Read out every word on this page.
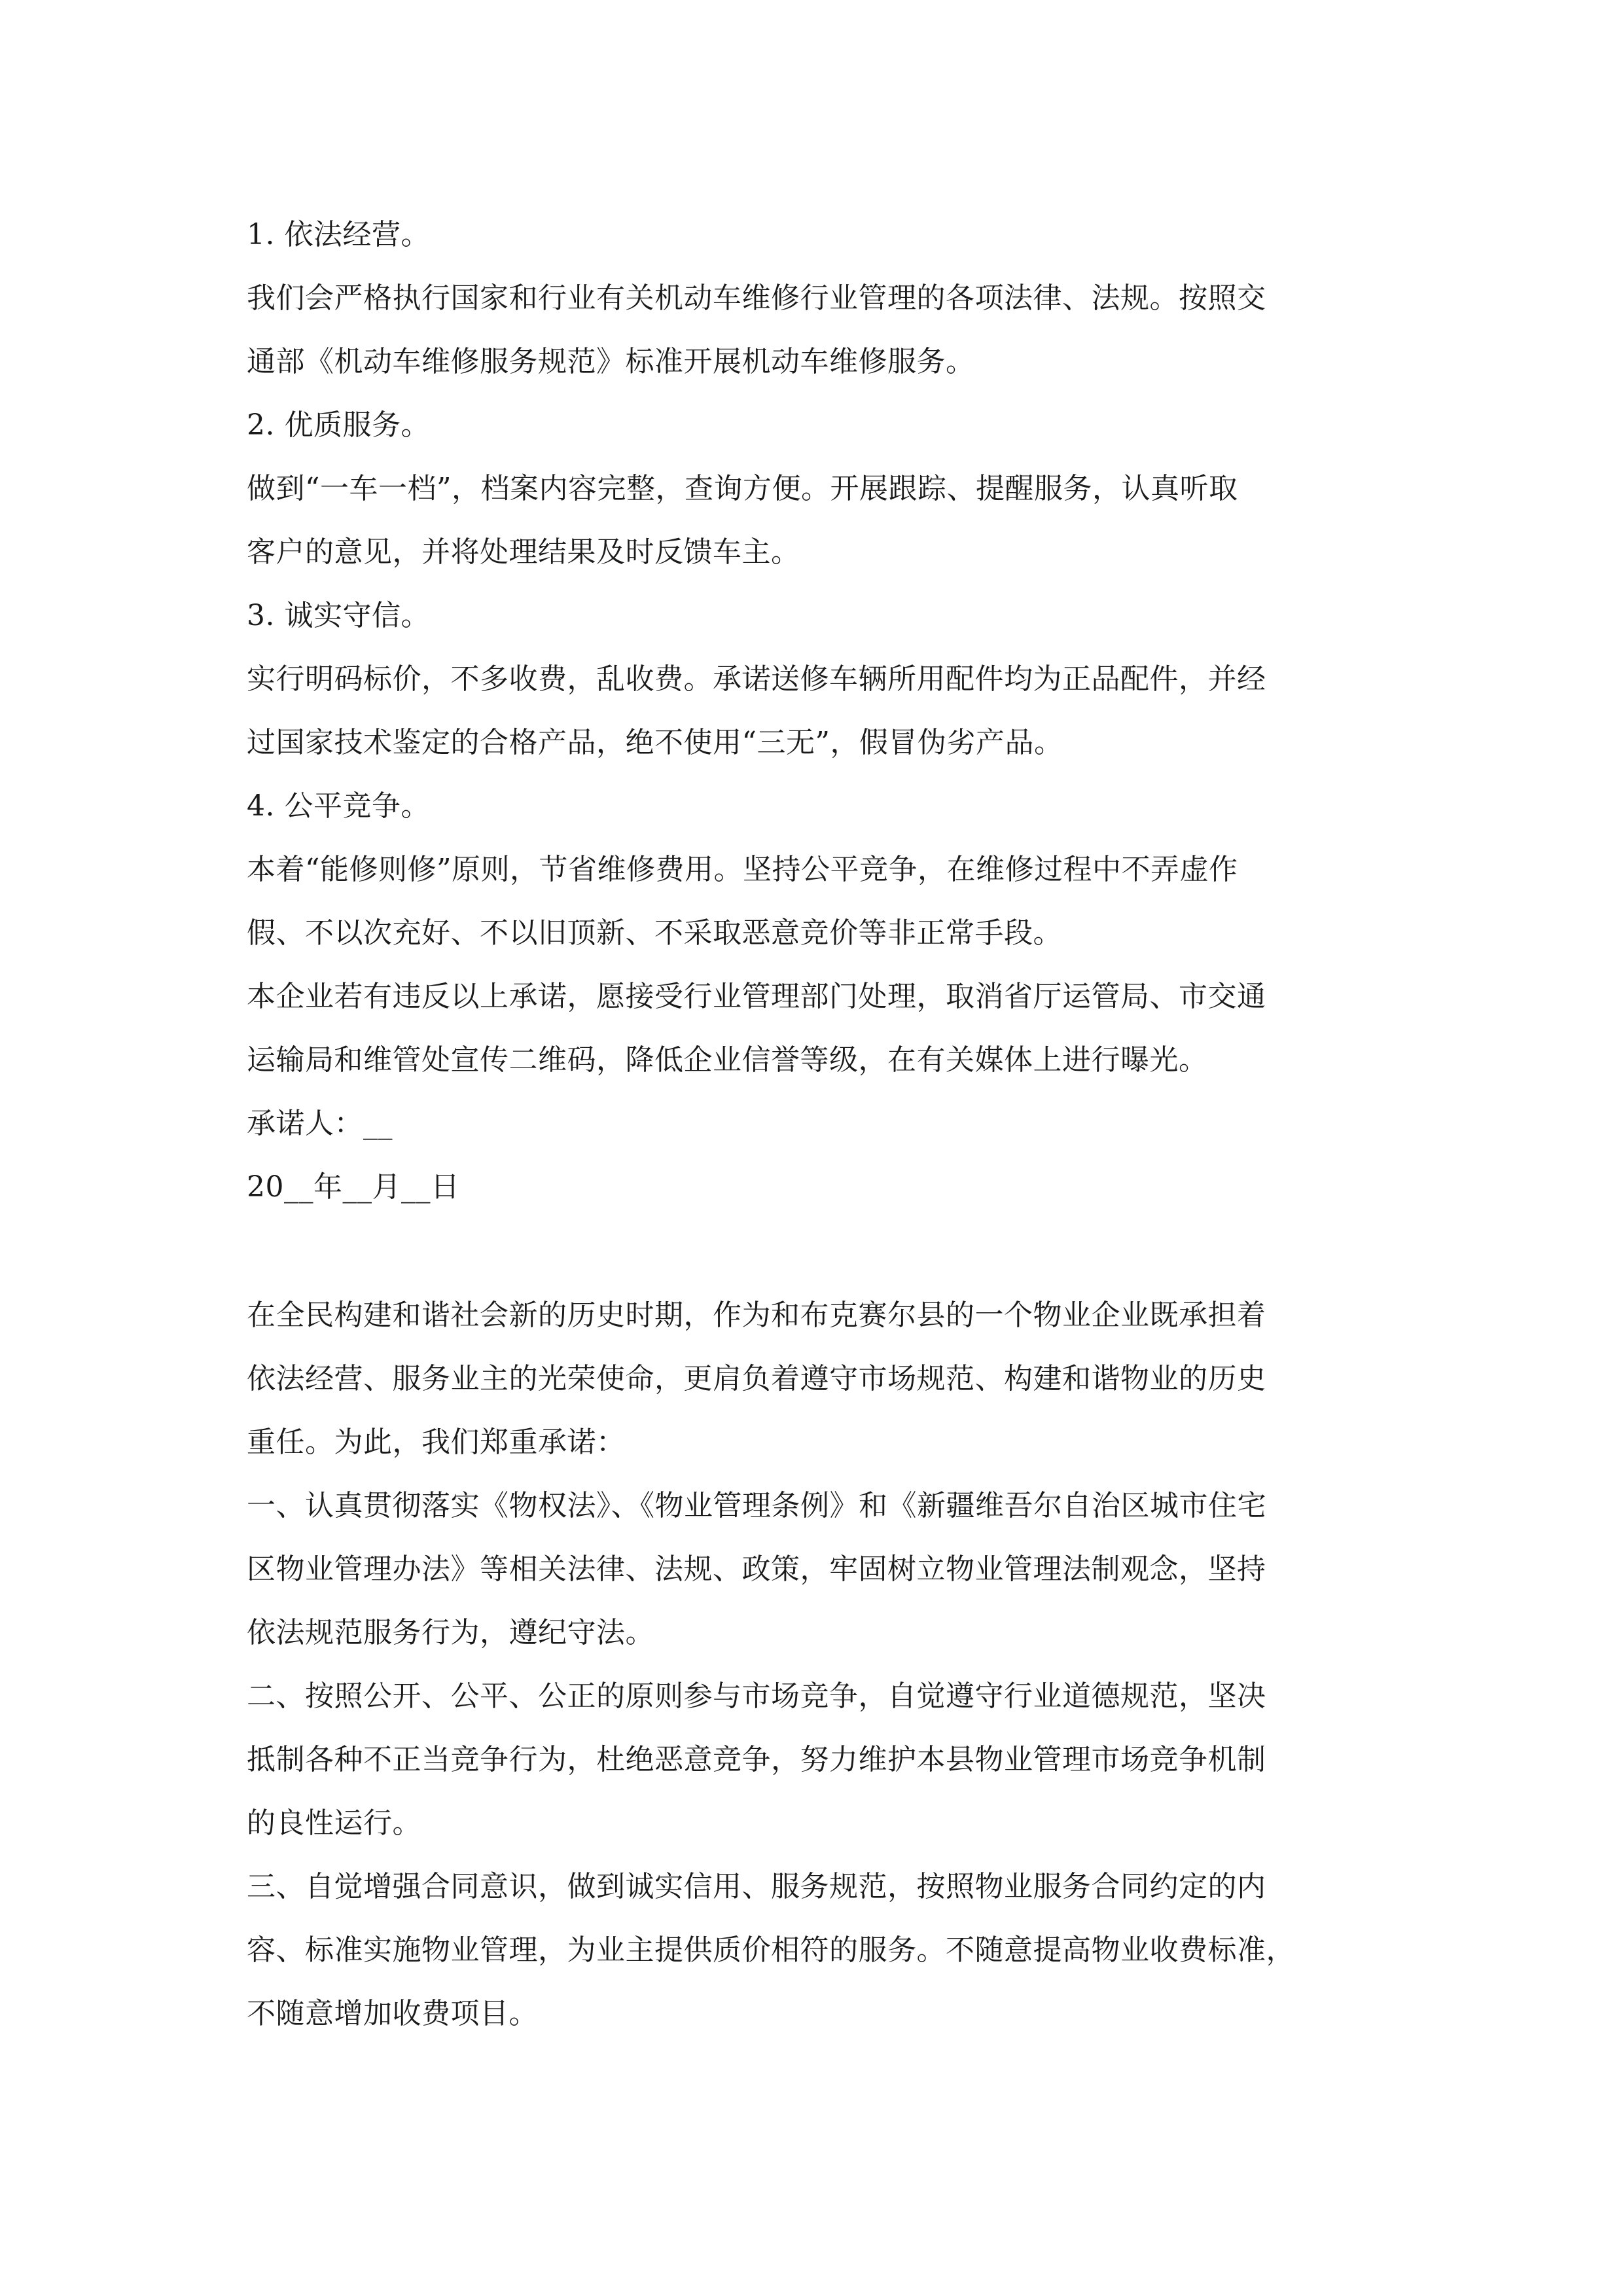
1. 依法经营。
我们会严格执行国家和行业有关机动车维修行业管理的各项法律、法规。按照交
通部《机动车维修服务规范》标准开展机动车维修服务。
2. 优质服务。
做到“一车一档”，档案内容完整，查询方便。开展跟踪、提醒服务，认真听取
客户的意见，并将处理结果及时反馈车主。
3. 诚实守信。
实行明码标价，不多收费，乱收费。承诺送修车辆所用配件均为正品配件，并经
过国家技术鉴定的合格产品，绝不使用“三无”，假冒伪劣产品。
4. 公平竞争。
本着“能修则修”原则，节省维修费用。坚持公平竞争，在维修过程中不弄虚作
假、不以次充好、不以旧顶新、不采取恶意竞价等非正常手段。
本企业若有违反以上承诺，愿接受行业管理部门处理，取消省厅运管局、市交通
运输局和维管处宣传二维码，降低企业信誉等级，在有关媒体上进行曝光。
承诺人：__
20__年__月__日
在全民构建和谐社会新的历史时期，作为和布克赛尔县的一个物业企业既承担着
依法经营、服务业主的光荣使命，更肩负着遵守市场规范、构建和谐物业的历史
重任。为此，我们郑重承诺：
一、认真贯彻落实《物权法》、《物业管理条例》和《新疆维吾尔自治区城市住宅
区物业管理办法》等相关法律、法规、政策，牢固树立物业管理法制观念，坚持
依法规范服务行为，遵纪守法。
二、按照公开、公平、公正的原则参与市场竞争，自觉遵守行业道德规范，坚决
抵制各种不正当竞争行为，杜绝恶意竞争，努力维护本县物业管理市场竞争机制
的良性运行。
三、自觉增强合同意识，做到诚实信用、服务规范，按照物业服务合同约定的内
容、标准实施物业管理，为业主提供质价相符的服务。不随意提高物业收费标准，
不随意增加收费项目。
